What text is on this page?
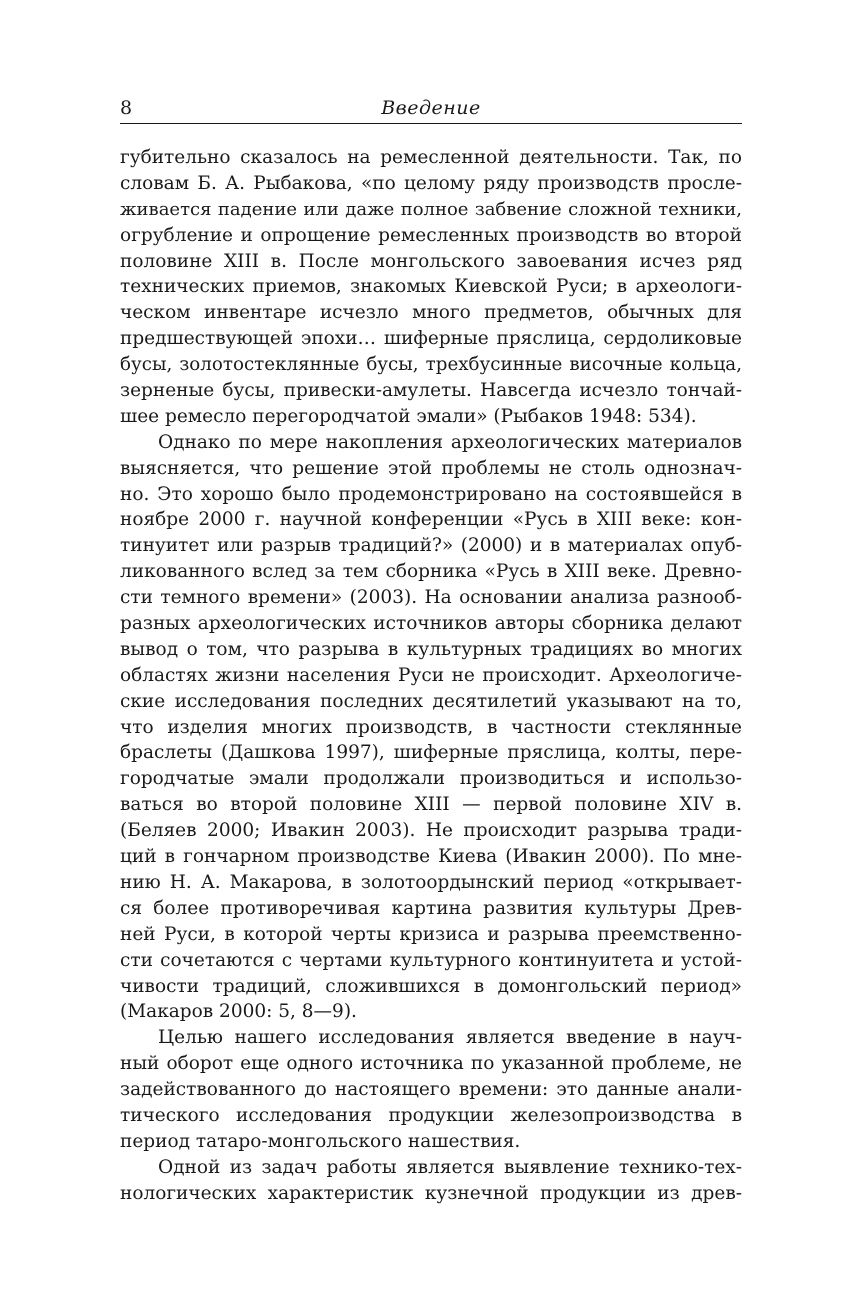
8	Введение
губительно сказалось на ремесленной деятельности. Так, по
словам Б. А. Рыбакова, «по целому ряду производств просле-
живается падение или даже полное забвение сложной техники,
огрубление и опрощение ремесленных производств во второй
половине XIII в. После монгольского завоевания исчез ряд
технических приемов, знакомых Киевской Руси; в археологи-
ческом инвентаре исчезло много предметов, обычных для
предшествующей эпохи… шиферные пряслица, сердоликовые
бусы, золотостеклянные бусы, трехбусинные височные кольца,
зерненые бусы, привески-амулеты. Навсегда исчезло тончай-
шее ремесло перегородчатой эмали» (Рыбаков 1948: 534).
Однако по мере накопления археологических материалов
выясняется, что решение этой проблемы не столь однознач-
но. Это хорошо было продемонстрировано на состоявшейся в
ноябре 2000 г. научной конференции «Русь в XIII веке: кон-
тинуитет или разрыв традиций?» (2000) и в материалах опуб-
ликованного вслед за тем сборника «Русь в XIII веке. Древно-
сти темного времени» (2003). На основании анализа разнооб-
разных археологических источников авторы сборника делают
вывод о том, что разрыва в культурных традициях во многих
областях жизни населения Руси не происходит. Археологиче-
ские исследования последних десятилетий указывают на то,
что изделия многих производств, в частности стеклянные
браслеты (Дашкова 1997), шиферные пряслица, колты, пере-
городчатые эмали продолжали производиться и использо-
ваться во второй половине XIII — первой половине XIV в.
(Беляев 2000; Ивакин 2003). Не происходит разрыва тради-
ций в гончарном производстве Киева (Ивакин 2000). По мне-
нию Н. А. Макарова, в золотоордынский период «открывает-
ся более противоречивая картина развития культуры Древ-
ней Руси, в которой черты кризиса и разрыва преемственно-
сти сочетаются с чертами культурного континуитета и устой-
чивости традиций, сложившихся в домонгольский период»
(Макаров 2000: 5, 8—9).
Целью нашего исследования является введение в науч-
ный оборот еще одного источника по указанной проблеме, не
задействованного до настоящего времени: это данные анали-
тического исследования продукции железопроизводства в
период татаро-монгольского нашествия.
Одной из задач работы является выявление технико-тех-
нологических характеристик кузнечной продукции из древ-
